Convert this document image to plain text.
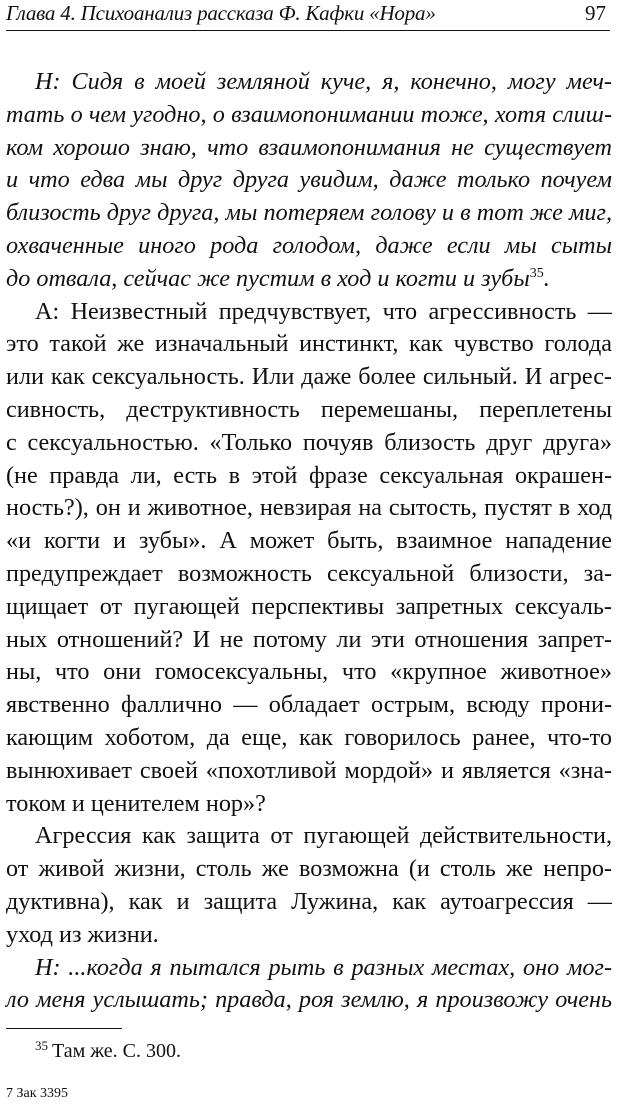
Глава 4. Психоанализ рассказа Ф. Кафки «Нора»	97
Н: Сидя в моей земляной куче, я, конечно, могу меч-
тать о чем угодно, о взаимопонимании тоже, хотя слиш-
ком хорошо знаю, что взаимопонимания не существует
и что едва мы друг друга увидим, даже только почуем
близость друг друга, мы потеряем голову и в тот же миг,
охваченные иного рода голодом, даже если мы сыты
до отвала, сейчас же пустим в ход и когти и зубы$^{35}$.
А: Неизвестный предчувствует, что агрессивность —
это такой же изначальный инстинкт, как чувство голода
или как сексуальность. Или даже более сильный. И агрес-
сивность, деструктивность перемешаны, переплетены
с сексуальностью. «Только почуяв близость друг друга»
(не правда ли, есть в этой фразе сексуальная окрашен-
ность?), он и животное, невзирая на сытость, пустят в ход
«и когти и зубы». А может быть, взаимное нападение
предупреждает возможность сексуальной близости, за-
щищает от пугающей перспективы запретных сексуаль-
ных отношений? И не потому ли эти отношения запрет-
ны, что они гомосексуальны, что «крупное животное»
явственно фаллично — обладает острым, всюду прони-
кающим хоботом, да еще, как говорилось ранее, что-то
вынюхивает своей «похотливой мордой» и является «зна-
током и ценителем нор»?
Агрессия как защита от пугающей действительности,
от живой жизни, столь же возможна (и столь же непро-
дуктивна), как и защита Лужина, как аутоагрессия —
уход из жизни.
Н: ...когда я пытался рыть в разных местах, оно мог-
ло меня услышать; правда, роя землю, я произвожу очень
$^{35}$ Там же. С. 300.
7 Зак 3395
